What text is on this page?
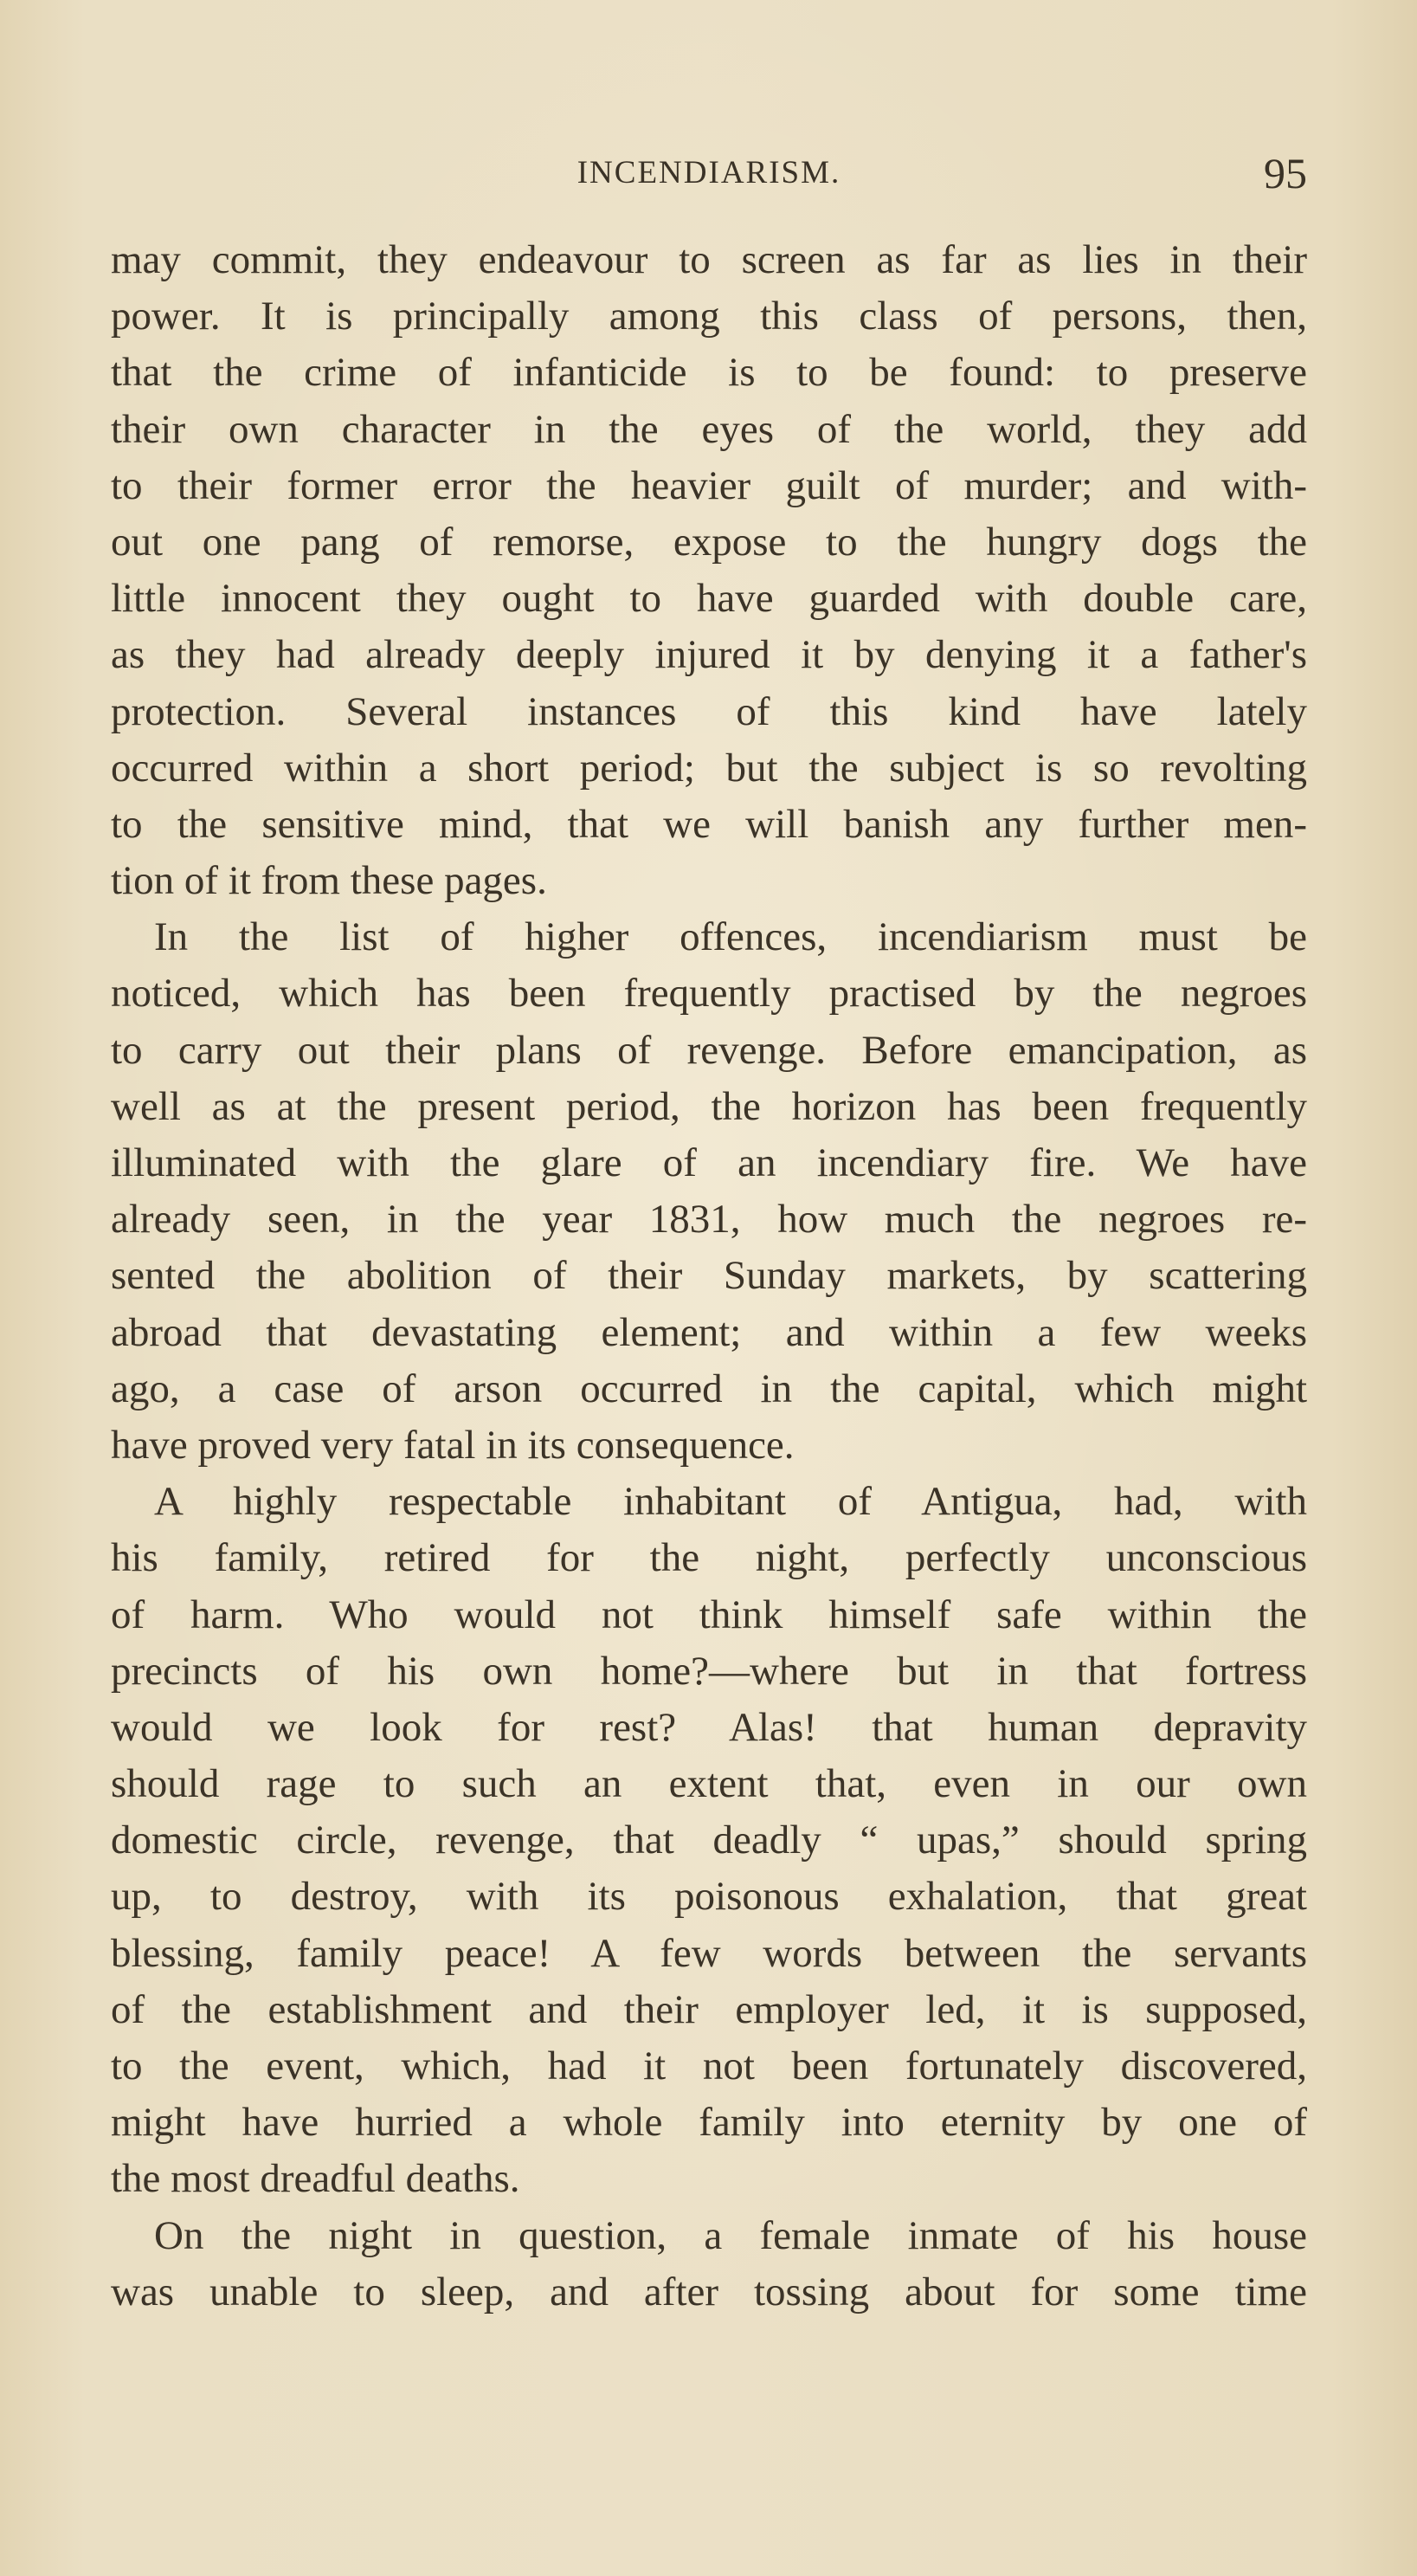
INCENDIARISM.	95
may commit, they endeavour to screen as far as lies in their
power. It is principally among this class of persons, then,
that the crime of infanticide is to be found: to preserve
their own character in the eyes of the world, they add
to their former error the heavier guilt of murder; and with-
out one pang of remorse, expose to the hungry dogs the
little innocent they ought to have guarded with double care,
as they had already deeply injured it by denying it a father's
protection. Several instances of this kind have lately
occurred within a short period; but the subject is so revolting
to the sensitive mind, that we will banish any further men-
tion of it from these pages.
In the list of higher offences, incendiarism must be
noticed, which has been frequently practised by the negroes
to carry out their plans of revenge. Before emancipation, as
well as at the present period, the horizon has been frequently
illuminated with the glare of an incendiary fire. We have
already seen, in the year 1831, how much the negroes re-
sented the abolition of their Sunday markets, by scattering
abroad that devastating element; and within a few weeks
ago, a case of arson occurred in the capital, which might
have proved very fatal in its consequence.
A highly respectable inhabitant of Antigua, had, with
his family, retired for the night, perfectly unconscious
of harm. Who would not think himself safe within the
precincts of his own home?—where but in that fortress
would we look for rest? Alas! that human depravity
should rage to such an extent that, even in our own
domestic circle, revenge, that deadly “ upas,” should spring
up, to destroy, with its poisonous exhalation, that great
blessing, family peace! A few words between the servants
of the establishment and their employer led, it is supposed,
to the event, which, had it not been fortunately discovered,
might have hurried a whole family into eternity by one of
the most dreadful deaths.
On the night in question, a female inmate of his house
was unable to sleep, and after tossing about for some time
